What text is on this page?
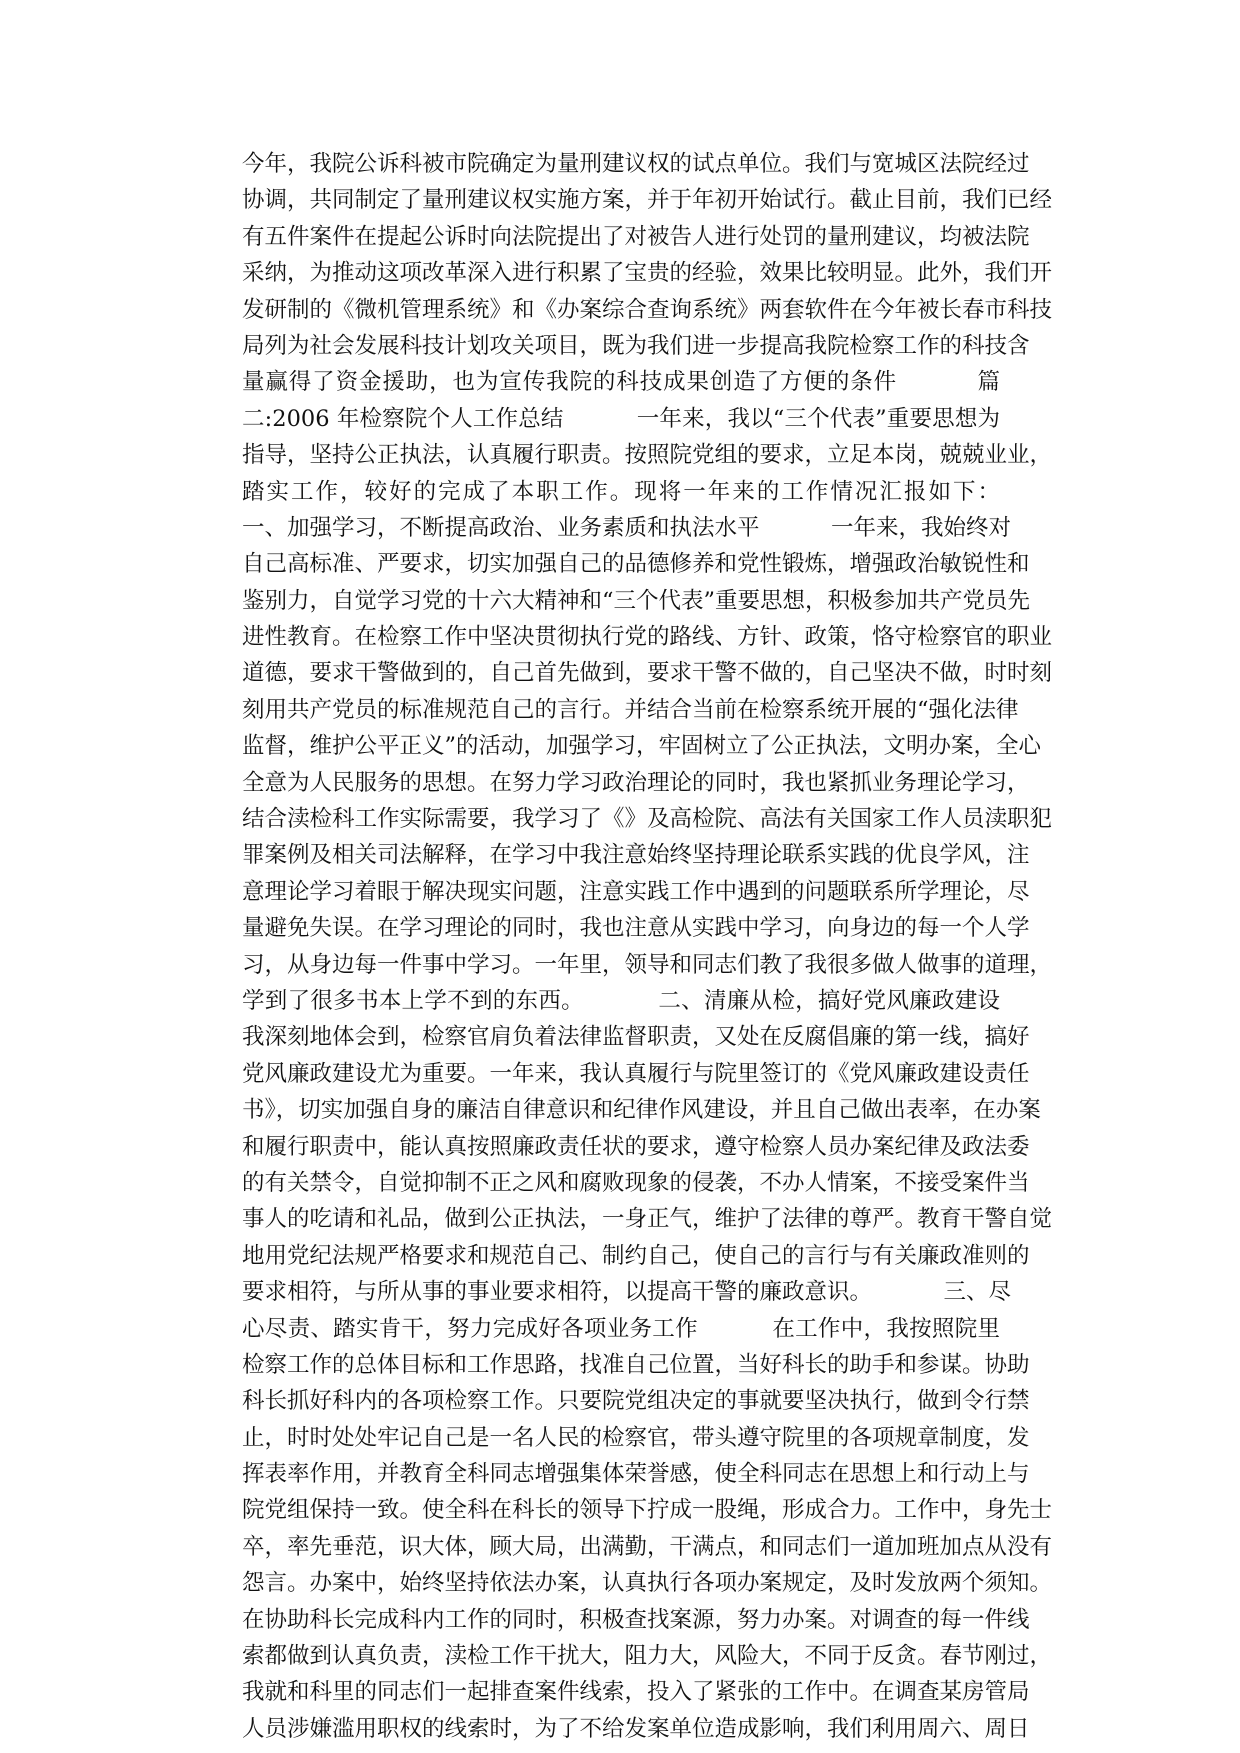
今年，我院公诉科被市院确定为量刑建议权的试点单位。我们与宽城区法院经过
协调，共同制定了量刑建议权实施方案，并于年初开始试行。截止目前，我们已经
有五件案件在提起公诉时向法院提出了对被告人进行处罚的量刑建议，均被法院
采纳，为推动这项改革深入进行积累了宝贵的经验，效果比较明显。此外，我们开
发研制的《微机管理系统》和《办案综合查询系统》两套软件在今年被长春市科技
局列为社会发展科技计划攻关项目，既为我们进一步提高我院检察工作的科技含
量赢得了资金援助，也为宣传我院的科技成果创造了方便的条件          篇
二:2006 年检察院个人工作总结          一年来，我以“三个代表”重要思想为
指导，坚持公正执法，认真履行职责。按照院党组的要求，立足本岗，兢兢业业，
踏实工作，较好的完成了本职工作。现将一年来的工作情况汇报如下：
一、加强学习，不断提高政治、业务素质和执法水平          一年来，我始终对
自己高标准、严要求，切实加强自己的品德修养和党性锻炼，增强政治敏锐性和
鉴别力，自觉学习党的十六大精神和“三个代表”重要思想，积极参加共产党员先
进性教育。在检察工作中坚决贯彻执行党的路线、方针、政策，恪守检察官的职业
道德，要求干警做到的，自己首先做到，要求干警不做的，自己坚决不做，时时刻
刻用共产党员的标准规范自己的言行。并结合当前在检察系统开展的“强化法律
监督，维护公平正义”的活动，加强学习，牢固树立了公正执法，文明办案，全心
全意为人民服务的思想。在努力学习政治理论的同时，我也紧抓业务理论学习，
结合渎检科工作实际需要，我学习了《》及高检院、高法有关国家工作人员渎职犯
罪案例及相关司法解释，在学习中我注意始终坚持理论联系实践的优良学风，注
意理论学习着眼于解决现实问题，注意实践工作中遇到的问题联系所学理论，尽
量避免失误。在学习理论的同时，我也注意从实践中学习，向身边的每一个人学
习，从身边每一件事中学习。一年里，领导和同志们教了我很多做人做事的道理，
学到了很多书本上学不到的东西。          二、清廉从检，搞好党风廉政建设
我深刻地体会到，检察官肩负着法律监督职责，又处在反腐倡廉的第一线，搞好
党风廉政建设尤为重要。一年来，我认真履行与院里签订的《党风廉政建设责任
书》，切实加强自身的廉洁自律意识和纪律作风建设，并且自己做出表率，在办案
和履行职责中，能认真按照廉政责任状的要求，遵守检察人员办案纪律及政法委
的有关禁令，自觉抑制不正之风和腐败现象的侵袭，不办人情案，不接受案件当
事人的吃请和礼品，做到公正执法，一身正气，维护了法律的尊严。教育干警自觉
地用党纪法规严格要求和规范自己、制约自己，使自己的言行与有关廉政准则的
要求相符，与所从事的事业要求相符，以提高干警的廉政意识。          三、尽
心尽责、踏实肯干，努力完成好各项业务工作          在工作中，我按照院里
检察工作的总体目标和工作思路，找准自己位置，当好科长的助手和参谋。协助
科长抓好科内的各项检察工作。只要院党组决定的事就要坚决执行，做到令行禁
止，时时处处牢记自己是一名人民的检察官，带头遵守院里的各项规章制度，发
挥表率作用，并教育全科同志增强集体荣誉感，使全科同志在思想上和行动上与
院党组保持一致。使全科在科长的领导下拧成一股绳，形成合力。工作中，身先士
卒，率先垂范，识大体，顾大局，出满勤，干满点，和同志们一道加班加点从没有
怨言。办案中，始终坚持依法办案，认真执行各项办案规定，及时发放两个须知。
在协助科长完成科内工作的同时，积极查找案源，努力办案。对调查的每一件线
索都做到认真负责，渎检工作干扰大，阻力大，风险大，不同于反贪。春节刚过，
我就和科里的同志们一起排查案件线索，投入了紧张的工作中。在调查某房管局
人员涉嫌滥用职权的线索时，为了不给发案单位造成影响，我们利用周六、周日
